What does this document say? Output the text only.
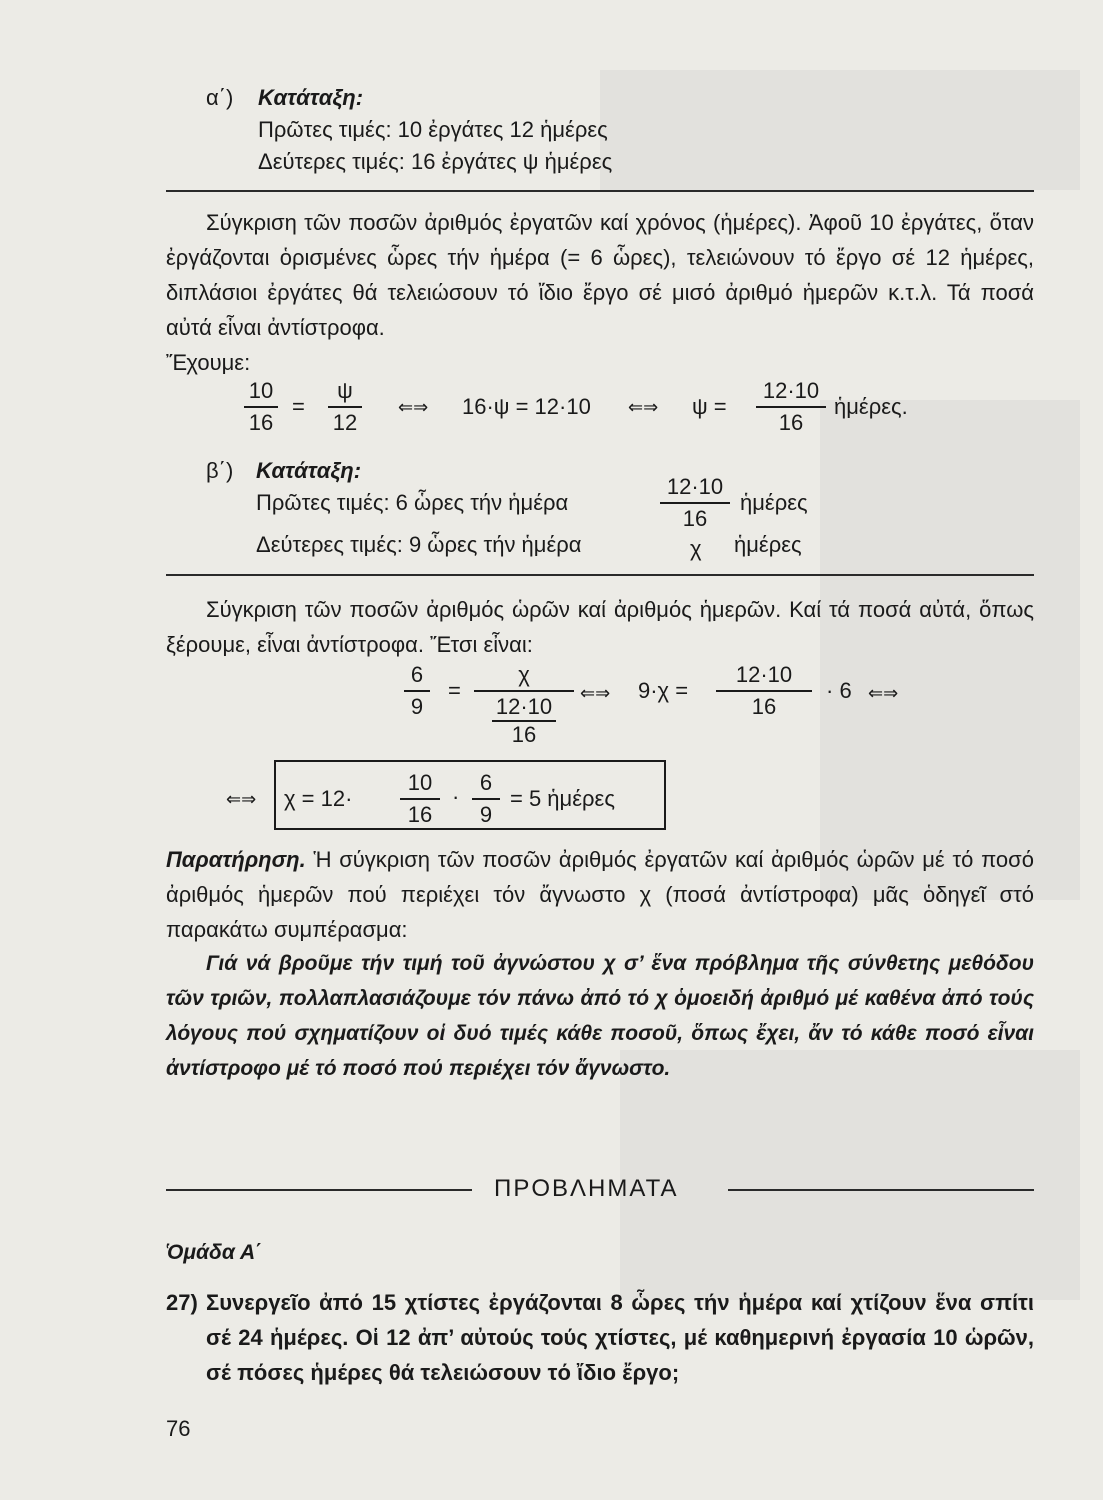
α΄) Κατάταξη:
Πρῶτες τιμές: 10 ἐργάτες 12 ἡμέρες
Δεύτερες τιμές: 16 ἐργάτες ψ ἡμέρες
Σύγκριση τῶν ποσῶν ἀριθμός ἐργατῶν καί χρόνος (ἡμέρες). Ἀφοῦ 10 ἐργάτες, ὅταν ἐργάζονται ὁρισμένες ὧρες τήν ἡμέρα (= 6 ὧρες), τελειώνουν τό ἔργο σέ 12 ἡμέρες, διπλάσιοι ἐργάτες θά τελειώσουν τό ἴδιο ἔργο σέ μισό ἀριθμό ἡμερῶν κ.τ.λ. Τά ποσά αὐτά εἶναι ἀντίστροφα.
Ἔχουμε:
$\frac{10}{16} = \frac{\psi}{12}$ ⇐⇒ 16·ψ = 12·10 ⇐⇒ $\psi = \frac{12\cdot 10}{16}$ ἡμέρες.
β΄) Κατάταξη:
Πρῶτες τιμές: 6 ὧρες τήν ἡμέρα	$\frac{12\cdot 10}{16}$ ἡμέρες
Δεύτερες τιμές: 9 ὧρες τήν ἡμέρα	χ ἡμέρες
Σύγκριση τῶν ποσῶν ἀριθμός ὡρῶν καί ἀριθμός ἡμερῶν. Καί τά ποσά αὐτά, ὅπως ξέρουμε, εἶναι ἀντίστροφα. Ἔτσι εἶναι:
$\frac{6}{9} = \chi$
12·10
16 ⇐⇒ $9\cdot\chi = \frac{12\cdot 10}{16} \cdot 6$ ⇐⇒
⇐⇒ $\chi = 12\cdot \frac{10}{16} \cdot \frac{6}{9} = 5$ ἡμέρες
Παρατήρηση. Ἡ σύγκριση τῶν ποσῶν ἀριθμός ἐργατῶν καί ἀριθμός ὡρῶν μέ τό ποσό ἀριθμός ἡμερῶν πού περιέχει τόν ἄγνωστο χ (ποσά ἀντίστροφα) μᾶς ὁδηγεῖ στό παρακάτω συμπέρασμα:
Γιά νά βροῦμε τήν τιμή τοῦ ἀγνώστου χ σ’ ἕνα πρόβλημα τῆς σύνθετης μεθόδου τῶν τριῶν, πολλαπλασιάζουμε τόν πάνω ἀπό τό χ ὁμοειδή ἀριθμό μέ καθένα ἀπό τούς λόγους πού σχηματίζουν οἱ δυό τιμές κάθε ποσοῦ, ὅπως ἔχει, ἄν τό κάθε ποσό εἶναι ἀντίστροφο μέ τό ποσό πού περιέχει τόν ἄγνωστο.
ΠΡΟΒΛΗΜΑΤΑ
Ὁμάδα Α΄
27) Συνεργεῖο ἀπό 15 χτίστες ἐργάζονται 8 ὧρες τήν ἡμέρα καί χτίζουν ἕνα σπίτι σέ 24 ἡμέρες. Οἱ 12 ἀπ’ αὐτούς τούς χτίστες, μέ καθημερινή ἐργασία 10 ὡρῶν, σέ πόσες ἡμέρες θά τελειώσουν τό ἴδιο ἔργο;
76
